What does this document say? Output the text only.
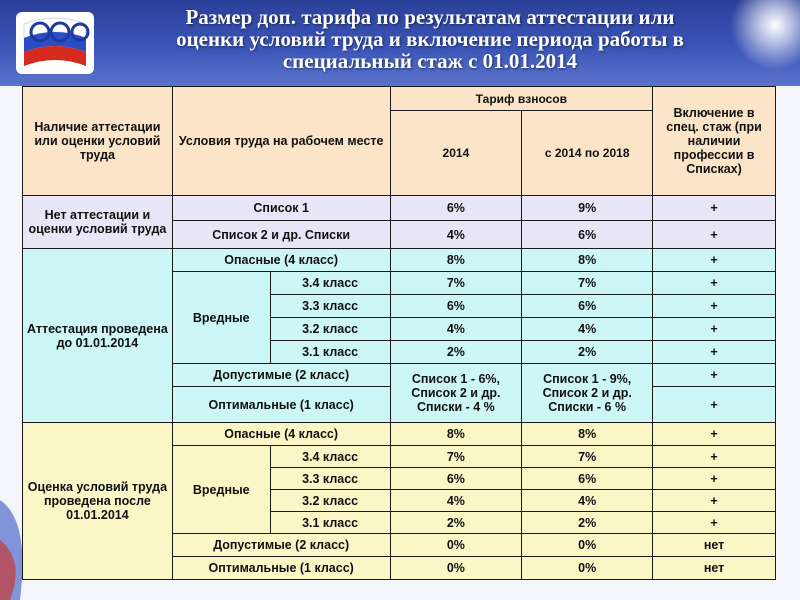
Размер доп. тарифа по результатам аттестации или
оценки условий труда и включение периода работы в
специальный стаж с 01.01.2014
Наличие аттестации или оценки условий труда	Условия труда на рабочем месте		Тариф взносов		Включение в спец. стаж (при наличии профессии в Списках)
			2014	с 2014 по 2018	
Нет аттестации и оценки условий труда	Список 1		6%	9%	+
	Список 2 и др. Списки		4%	6%	+
Аттестация проведена до 01.01.2014	Опасные (4 класс)		8%	8%	+
	Вредные	3.4 класс	7%	7%	+
		3.3 класс	6%	6%	+
		3.2 класс	4%	4%	+
		3.1 класс	2%	2%	+
	Допустимые (2 класс)		Список 1 - 6%, Список 2 и др. Списки - 4 %	Список 1 - 9%, Список 2 и др. Списки - 6 %	+
	Оптимальные (1 класс)				+

Оценка условий труда проведена после 01.01.2014	Опасные (4 класс)		8%	8%	+
	Вредные	3.4 класс	7%	7%	+
		3.3 класс	6%	6%	+
		3.2 класс	4%	4%	+
		3.1 класс	2%	2%	+
	Допустимые (2 класс)		0%	0%	нет
	Оптимальные (1 класс)		0%	0%	нет
